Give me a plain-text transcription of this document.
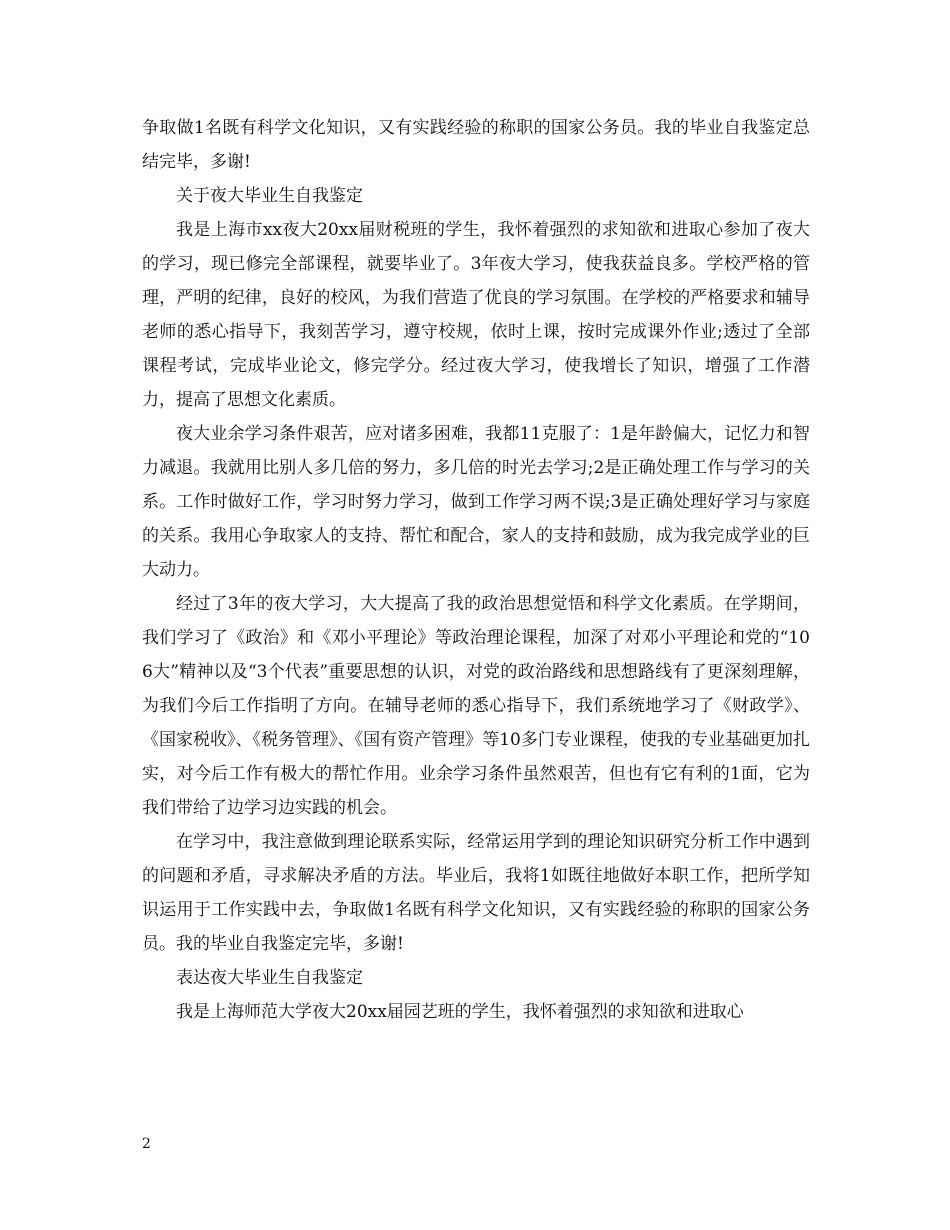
争取做1名既有科学文化知识，又有实践经验的称职的国家公务员。我的毕业自我鉴定总结完毕，多谢!

关于夜大毕业生自我鉴定

我是上海市xx夜大20xx届财税班的学生，我怀着强烈的求知欲和进取心参加了夜大的学习，现已修完全部课程，就要毕业了。3年夜大学习，使我获益良多。学校严格的管理，严明的纪律，良好的校风，为我们营造了优良的学习氛围。在学校的严格要求和辅导老师的悉心指导下，我刻苦学习，遵守校规，依时上课，按时完成课外作业;透过了全部课程考试，完成毕业论文，修完学分。经过夜大学习，使我增长了知识，增强了工作潜力，提高了思想文化素质。

夜大业余学习条件艰苦，应对诸多困难，我都11克服了：1是年龄偏大，记忆力和智力减退。我就用比别人多几倍的努力，多几倍的时光去学习;2是正确处理工作与学习的关系。工作时做好工作，学习时努力学习，做到工作学习两不误;3是正确处理好学习与家庭的关系。我用心争取家人的支持、帮忙和配合，家人的支持和鼓励，成为我完成学业的巨大动力。

经过了3年的夜大学习，大大提高了我的政治思想觉悟和科学文化素质。在学期间，我们学习了《政治》和《邓小平理论》等政治理论课程，加深了对邓小平理论和党的“106大”精神以及“3个代表”重要思想的认识，对党的政治路线和思想路线有了更深刻理解，为我们今后工作指明了方向。在辅导老师的悉心指导下，我们系统地学习了《财政学》、《国家税收》、《税务管理》、《国有资产管理》等10多门专业课程，使我的专业基础更加扎实，对今后工作有极大的帮忙作用。业余学习条件虽然艰苦，但也有它有利的1面，它为我们带给了边学习边实践的机会。

在学习中，我注意做到理论联系实际，经常运用学到的理论知识研究分析工作中遇到的问题和矛盾，寻求解决矛盾的方法。毕业后，我将1如既往地做好本职工作，把所学知识运用于工作实践中去，争取做1名既有科学文化知识，又有实践经验的称职的国家公务员。我的毕业自我鉴定完毕，多谢!

表达夜大毕业生自我鉴定

我是上海师范大学夜大20xx届园艺班的学生，我怀着强烈的求知欲和进取心

2
